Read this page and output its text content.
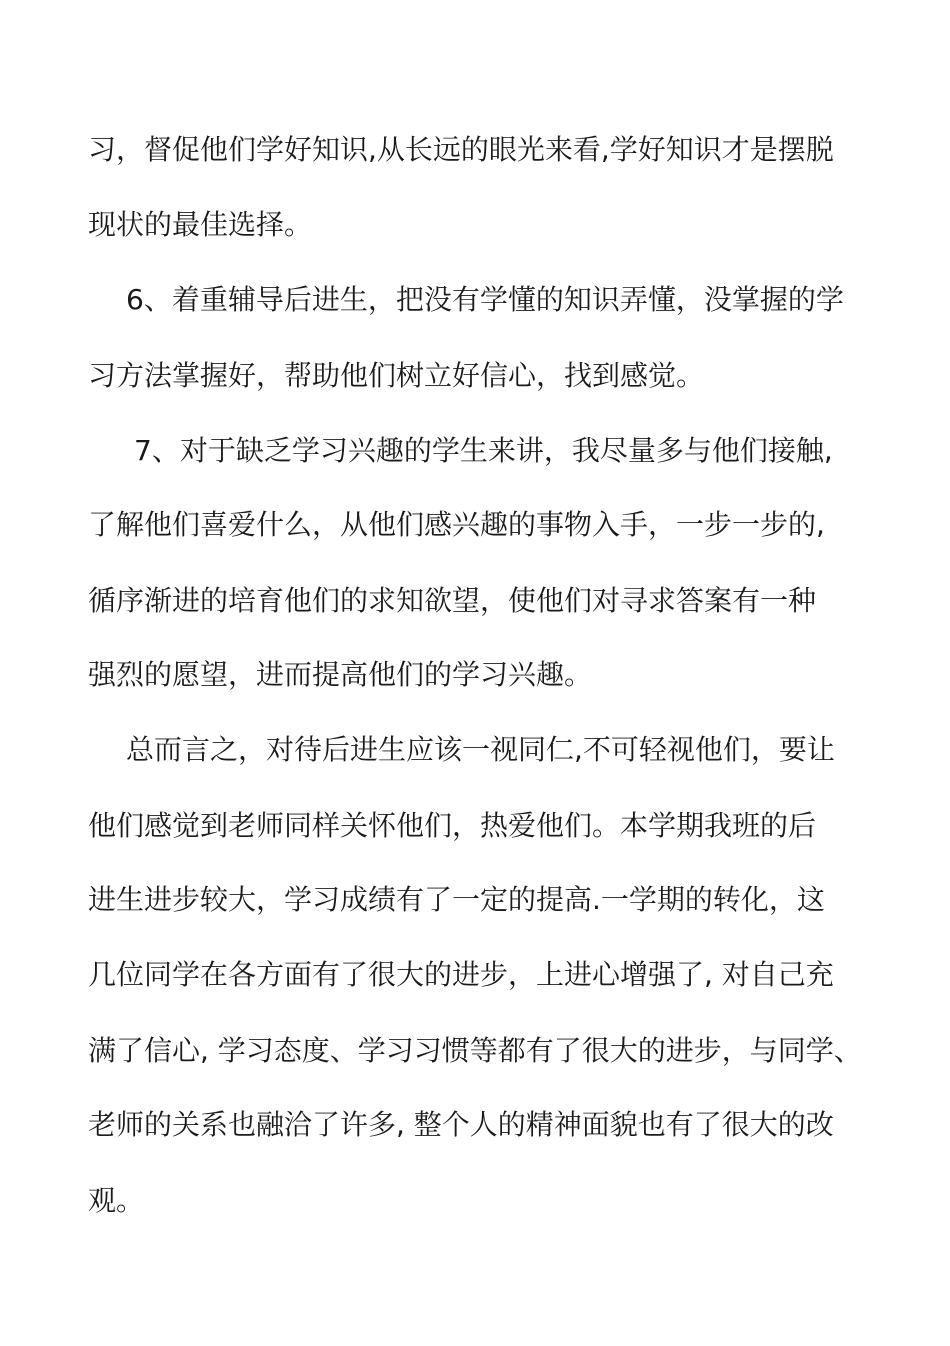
习，督促他们学好知识,从长远的眼光来看,学好知识才是摆脱

现状的最佳选择。

6、着重辅导后进生，把没有学懂的知识弄懂，没掌握的学

习方法掌握好，帮助他们树立好信心，找到感觉。

7、对于缺乏学习兴趣的学生来讲，我尽量多与他们接触,

了解他们喜爱什么，从他们感兴趣的事物入手，一步一步的,

循序渐进的培育他们的求知欲望，使他们对寻求答案有一种

强烈的愿望，进而提高他们的学习兴趣。

总而言之，对待后进生应该一视同仁,不可轻视他们，要让

他们感觉到老师同样关怀他们，热爱他们。本学期我班的后

进生进步较大，学习成绩有了一定的提高.一学期的转化，这

几位同学在各方面有了很大的进步，上进心增强了, 对自己充

满了信心, 学习态度、学习习惯等都有了很大的进步，与同学、

老师的关系也融洽了许多, 整个人的精神面貌也有了很大的改

观。
